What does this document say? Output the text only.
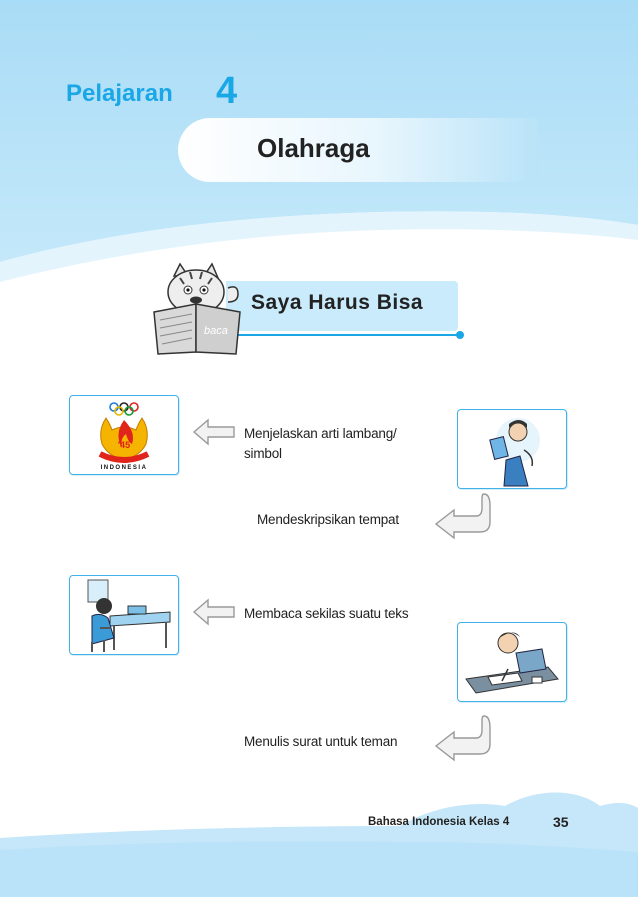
Pelajaran 4
Olahraga
Saya Harus Bisa
baca
'45
INDONESIA
Menjelaskan arti lambang/
simbol
Mendeskripsikan tempat
Membaca sekilas suatu teks
Menulis surat untuk teman
Bahasa Indonesia Kelas 4	35
